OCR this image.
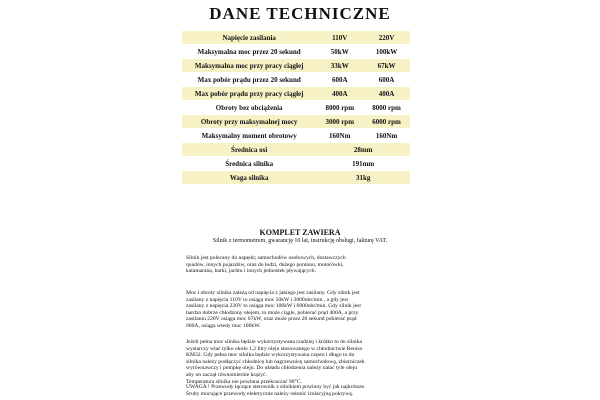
DANE TECHNICZNE
Napięcie zasilania	110V	220V
Maksymalna moc przez 20 sekund	50kW	100kW
Maksymalna moc przy pracy ciągłej	33kW	67kW
Max pobór prądu przez 20 sekund	600A	600A
Max pobór prądu przy pracy ciągłej	400A	400A
Obroty bez obciążenia	8000 rpm	8000 rpm
Obroty przy maksymalnej mocy	3000 rpm	6000 rpm
Maksymalny moment obrotowy	160Nm	160Nm
Średnica osi	28mm	
Średnica silnika	191mm	
Waga silnika	31kg	
KOMPLET ZAWIERA
Silnik z termometrem, gwarancję 10 lat, instrukcję obsługi, fakturę VAT.
Silnik jest polecany do napędu; samochodów osobowych, dostawczych
quadów, innych pojazdów, oraz do łodzi, dużego pontonu, motorówki,
katamarana, barki, jachtu i innych jednostek pływających.
Moc i obroty silnika zależą od napięcia z jakiego jest zasilany. Gdy silnik jest
zasilany z napięcia 110V to osiąga moc 50kW i 3000obr/min , a gdy jest
zasilany z napięcia 220V to osiąga moc 100kW i 6000obr/min. Gdy silnik jest
bardzo dobrze chłodzony olejem, to może ciągle, pobierać prąd 400A, a przy
zasilaniu 220V osiąga moc 67kW, oraz może przez 20 sekund pobierać prąd
600A, osiąga wtedy moc 100kW.
Jeżeli pełna moc silnika będzie wykorzystywana rzadziej i krótko to do silnika
wystarczy wlać tylko około 1,2 litry oleju stosowanego w chłodnictwie Reniso
KM32. Gdy pełna moc silnika będzie wykorzystywana często i długo to do
silnika należy podłączyć chłodnicę lub nagrzewnicę samochodową, zbiorniczek
wyrównawczy i pompkę oleju. Do układu chłodzenia należy nalać tyle oleju
aby on zaczął równomiernie krążyć.
Temperatura silnika nie powinna przekraczać 90°C.
UWAGA ! Przewody łączące sterownik z silnikiem powinny być jak najkrótsze.
Śruby mocujące przewody elektryczne należy osłonić izolacyjną pokrywą.
